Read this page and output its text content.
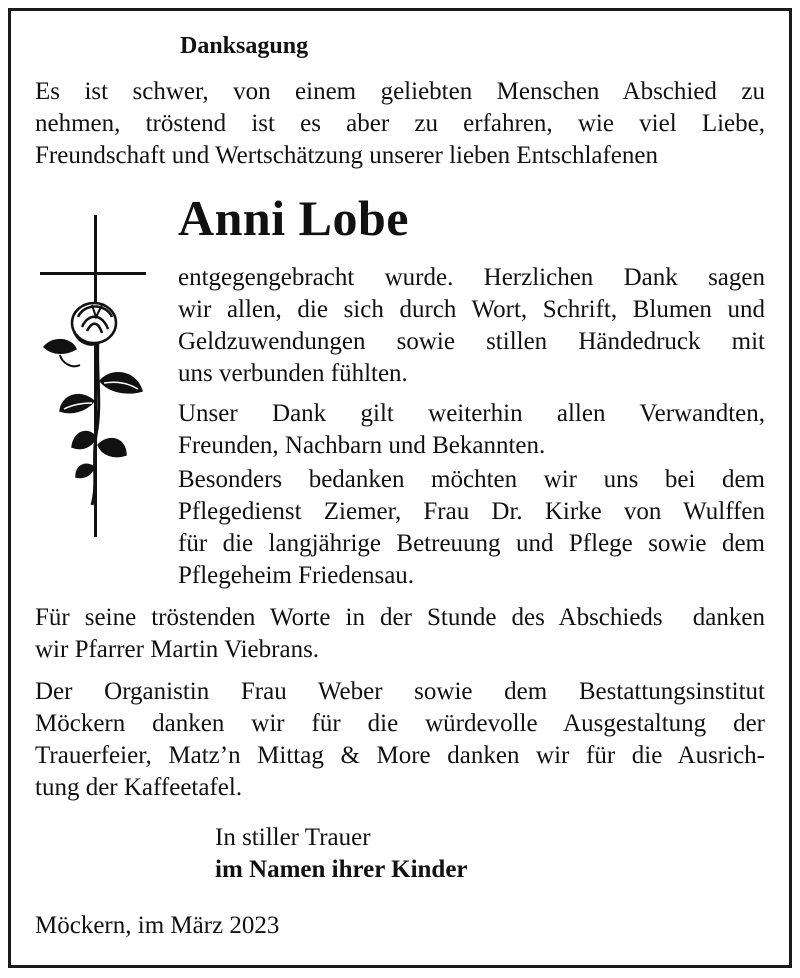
Danksagung

Es ist schwer, von einem geliebten Menschen Abschied zu
nehmen, tröstend ist es aber zu erfahren, wie viel Liebe,
Freundschaft und Wertschätzung unserer lieben Entschlafenen

Anni Lobe

entgegengebracht wurde. Herzlichen Dank sagen
wir allen, die sich durch Wort, Schrift, Blumen und
Geldzuwendungen sowie stillen Händedruck mit
uns verbunden fühlten.

Unser Dank gilt weiterhin allen Verwandten,
Freunden, Nachbarn und Bekannten.

Besonders bedanken möchten wir uns bei dem
Pflegedienst Ziemer, Frau Dr. Kirke von Wulffen
für die langjährige Betreuung und Pflege sowie dem
Pflegeheim Friedensau.

Für seine tröstenden Worte in der Stunde des Abschieds  danken
wir Pfarrer Martin Viebrans.

Der Organistin Frau Weber sowie dem Bestattungsinstitut
Möckern danken wir für die würdevolle Ausgestaltung der
Trauerfeier, Matz’n Mittag & More danken wir für die Ausrich-
tung der Kaffeetafel.

In stiller Trauer

im Namen ihrer Kinder

Möckern, im März 2023
